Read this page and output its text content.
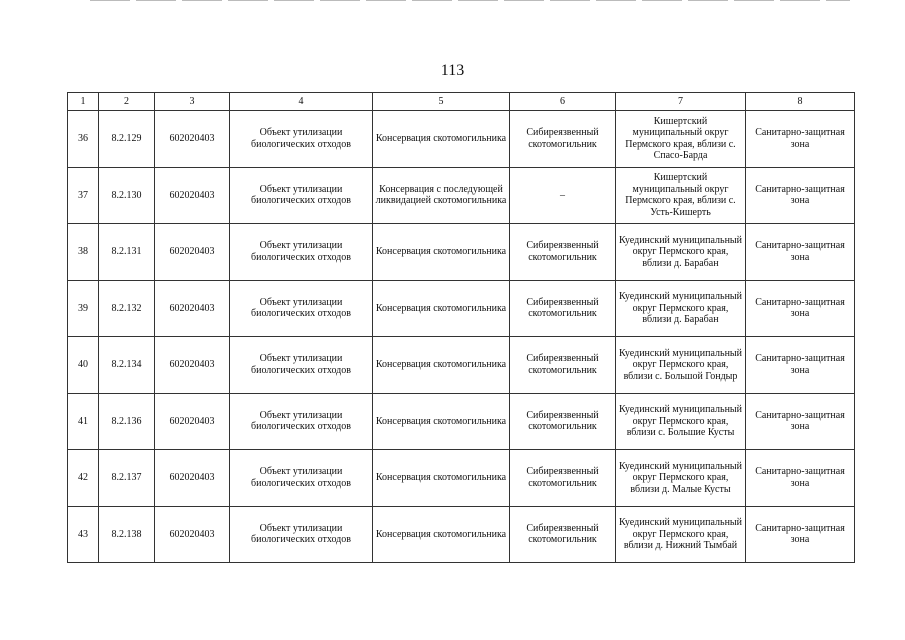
113
1	2	3	4	5	6	7	8
36	8.2.129	602020403	Объект утилизации биологических отходов	Консервация скотомогильника	Сибиреязвенный скотомогильник	Кишертский муниципальный округ Пермского края, вблизи с. Спасо-Барда	Санитарно-защитная зона
37	8.2.130	602020403	Объект утилизации биологических отходов	Консервация с последующей ликвидацией скотомогильника	–	Кишертский муниципальный округ Пермского края, вблизи с. Усть-Кишерть	Санитарно-защитная зона
38	8.2.131	602020403	Объект утилизации биологических отходов	Консервация скотомогильника	Сибиреязвенный скотомогильник	Куединский муниципальный округ Пермского края, вблизи д. Барабан	Санитарно-защитная зона
39	8.2.132	602020403	Объект утилизации биологических отходов	Консервация скотомогильника	Сибиреязвенный скотомогильник	Куединский муниципальный округ Пермского края, вблизи д. Барабан	Санитарно-защитная зона
40	8.2.134	602020403	Объект утилизации биологических отходов	Консервация скотомогильника	Сибиреязвенный скотомогильник	Куединский муниципальный округ Пермского края, вблизи с. Большой Гондыр	Санитарно-защитная зона
41	8.2.136	602020403	Объект утилизации биологических отходов	Консервация скотомогильника	Сибиреязвенный скотомогильник	Куединский муниципальный округ Пермского края, вблизи с. Большие Кусты	Санитарно-защитная зона
42	8.2.137	602020403	Объект утилизации биологических отходов	Консервация скотомогильника	Сибиреязвенный скотомогильник	Куединский муниципальный округ Пермского края, вблизи д. Малые Кусты	Санитарно-защитная зона
43	8.2.138	602020403	Объект утилизации биологических отходов	Консервация скотомогильника	Сибиреязвенный скотомогильник	Куединский муниципальный округ Пермского края, вблизи д. Нижний Тымбай	Санитарно-защитная зона
